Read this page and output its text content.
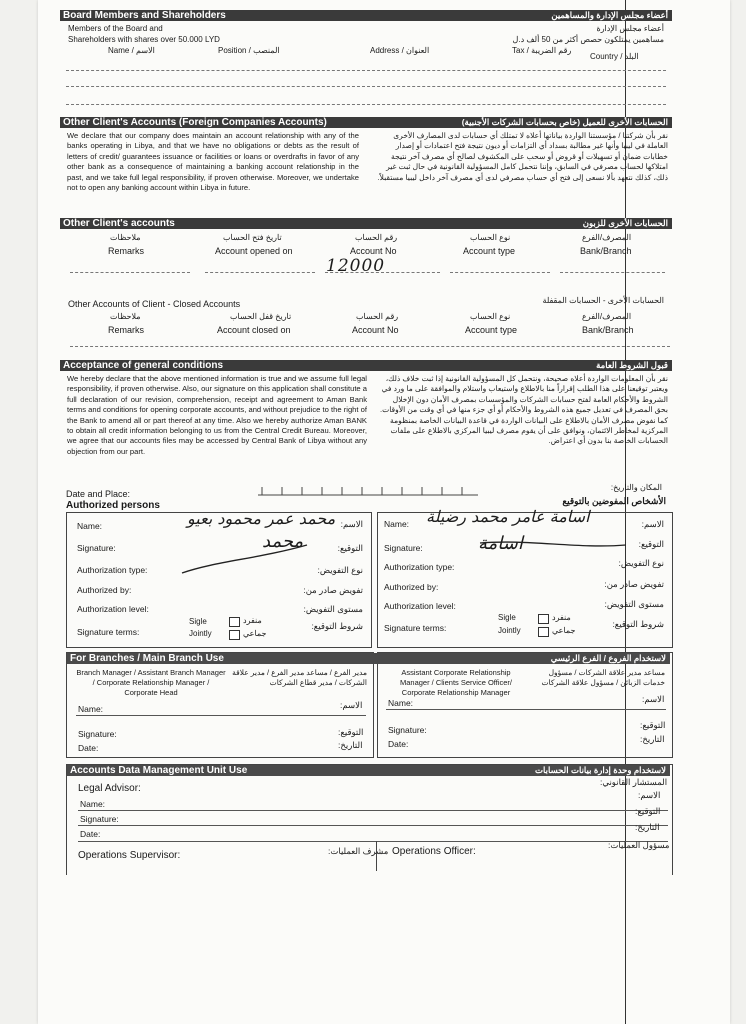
Board Members and Shareholders	أعضاء مجلس الإدارة والمساهمين
Members of the Board and
Shareholders with shares over 50.000 LYD
أعضاء مجلس الإدارة
مساهمين يمتلكون حصص أكثر من 50 ألف د.ل
Name / الاسم	Position / المنصب	Address / العنوان	Tax / رقم الضريبة
Country / البلد
Other Client's Accounts (Foreign Companies Accounts)	الحسابات الأخرى للعميل (خاص بحسابات الشركات الأجنبية)
We declare that our company does maintain an account relationship with any of the banks operating in Libya, and that we have no obligations or debts as the result of letters of credit/ guarantees issuance or facilities or loans or overdrafts in favor of any other bank as a consequence of maintaining a banking account relationship in the past, and we take full legal responsibility, if proven otherwise. Moreover, we undertake not to open any banking account within Libya in future.
نقر بأن شركتنا / مؤسستنا الواردة بياناتها أعلاه لا تمتلك أي حسابات لدى المصارف الأخرى العاملة في ليبيا وأنها غير مطالبة بسداد أي التزامات أو ديون نتيجة فتح اعتمادات أو إصدار خطابات ضمان أو تسهيلات أو قروض أو سحب على المكشوف لصالح أي مصرف آخر نتيجة امتلاكها لحساب مصرفي في السابق، وإننا نتحمل كامل المسؤولية القانونية في حال ثبت غير ذلك، كذلك نتعهد بألا نسعى إلى فتح أي حساب مصرفي لدى أي مصرف آخر داخل ليبيا مستقبلاً.
Other Client's accounts	الحسابات الأخرى للزبون
ملاحظات	تاريخ فتح الحساب	رقم الحساب	نوع الحساب	المصرف/الفرع
Remarks	Account opened on	Account No	Account type	Bank/Branch
12000
Other Accounts of Client - Closed Accounts	الحسابات الأخرى - الحسابات المقفلة
ملاحظات	تاريخ قفل الحساب	رقم الحساب	نوع الحساب	المصرف/الفرع
Remarks	Account closed on	Account No	Account type	Bank/Branch
Acceptance of general conditions	قبول الشروط العامة
We hereby declare that the above mentioned information is true and we assume full legal responsibility, if proven otherwise. Also, our signature on this application shall constitute a full declaration of our revision, comprehension, receipt and agreement to Aman Bank terms and conditions for opening corporate accounts, and without prejudice to the right of the Bank to amend all or part thereof at any time. Also we hereby authorize Aman BANK to obtain all credit information belonging to us from the Central Credit Bureau. Moreover, we agree that our accounts files may be accessed by Central Bank of Libya without any objection from our part.
نقر بأن المعلومات الواردة أعلاه صحيحة، ونتحمل كل المسؤولية القانونية إذا ثبت خلاف ذلك، ويعتبر توقيعنا على هذا الطلب إقراراً منا بالاطلاع واستيعاب واستلام والموافقة على ما ورد في الشروط والأحكام العامة لفتح حسابات الشركات والمؤسسات بمصرف الأمان دون الإخلال بحق المصرف في تعديل جميع هذه الشروط والأحكام أو أي جزء منها في أي وقت من الأوقات. كما نفوض مصرف الأمان بالاطلاع على البيانات الواردة في قاعدة البيانات الخاصة بمنظومة المركزية لمخاطر الائتمان، ونوافق على أن يقوم مصرف ليبيا المركزي بالاطلاع على ملفات الحسابات الخاصة بنا بدون أي اعتراض.
Date and Place:
المكان والتاريخ:
Authorized persons	الأشخاص المفوضين بالتوقيع
Name:	الاسم:
محمد عمر محمود بعيو
Signature:	التوقيع:
محمد
Authorization type:	نوع التفويض:
Authorized by:	تفويض صادر من:
Authorization level:	مستوى التفويض:
Signature terms:
Sigle	منفرد
Jointly	جماعي
شروط التوقيع:
Name:	الاسم:
اسامة عامر محمد رضيلة
Signature:	التوقيع:
اسامة
Authorization type:	نوع التفويض:
Authorized by:	تفويض صادر من:
Authorization level:	مستوى التفويض:
Signature terms:
Sigle	منفرد
Jointly	جماعي
شروط التوقيع:
For Branches / Main Branch Use	لاستخدام الفروع / الفرع الرئيسي
Branch Manager / Assistant Branch Manager / Corporate Relationship Manager / Corporate Head
مدير الفرع / مساعد مدير الفرع / مدير علاقة الشركات / مدير قطاع الشركات
Assistant Corporate Relationship Manager / Clients Service Officer/ Corporate Relationship Manager
مساعد مدير علاقة الشركات / مسؤول خدمات الزبائن / مسؤول علاقة الشركات
Name:	الاسم:
Signature:	التوقيع:
Date:	التاريخ:
Name:	الاسم:
Signature:	التوقيع:
Date:	التاريخ:
Accounts Data Management Unit Use	لاستخدام وحدة إدارة بيانات الحسابات
Legal Advisor:
المستشار القانوني:
Name:
الاسم:
Signature:
التوقيع:
Date:
التاريخ:
Operations Supervisor:	مشرف العمليات: Operations Officer:
مسؤول العمليات:
